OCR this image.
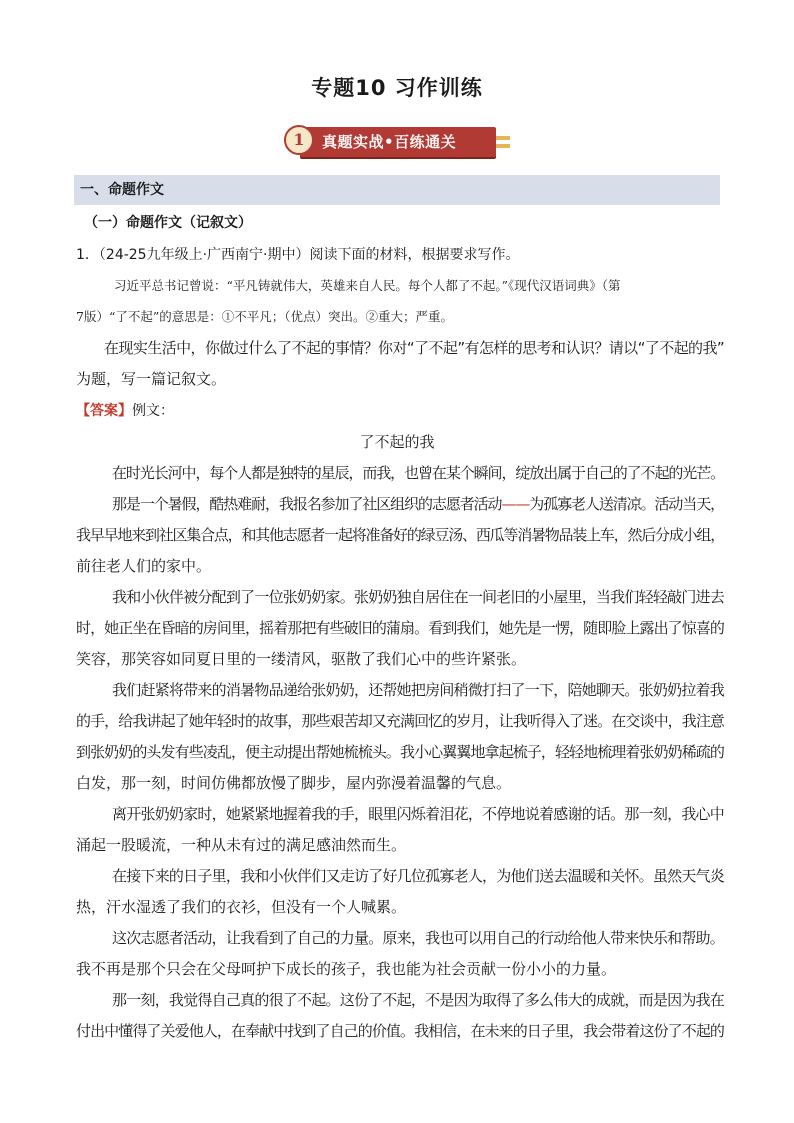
专题10 习作训练
1	真题实战•百练通关
一、命题作文
（一）命题作文（记叙文）
1．（24-25九年级上·广西南宁·期中）阅读下面的材料，根据要求写作。
习近平总书记曾说：“平凡铸就伟大，英雄来自人民。每个人都了不起。”《现代汉语词典》（第
7版）“了不起”的意思是：①不平凡；（优点）突出。②重大；严重。
在现实生活中，你做过什么了不起的事情？你对“了不起”有怎样的思考和认识？请以“了不起的我”
为题，写一篇记叙文。
【答案】例文：
了不起的我
在时光长河中，每个人都是独特的星辰，而我，也曾在某个瞬间，绽放出属于自己的了不起的光芒。
那是一个暑假，酷热难耐，我报名参加了社区组织的志愿者活动——为孤寡老人送清凉。活动当天，
我早早地来到社区集合点，和其他志愿者一起将准备好的绿豆汤、西瓜等消暑物品装上车，然后分成小组，
前往老人们的家中。
我和小伙伴被分配到了一位张奶奶家。张奶奶独自居住在一间老旧的小屋里，当我们轻轻敲门进去
时，她正坐在昏暗的房间里，摇着那把有些破旧的蒲扇。看到我们，她先是一愣，随即脸上露出了惊喜的
笑容，那笑容如同夏日里的一缕清风，驱散了我们心中的些许紧张。
我们赶紧将带来的消暑物品递给张奶奶，还帮她把房间稍微打扫了一下，陪她聊天。张奶奶拉着我
的手，给我讲起了她年轻时的故事，那些艰苦却又充满回忆的岁月，让我听得入了迷。在交谈中，我注意
到张奶奶的头发有些凌乱，便主动提出帮她梳梳头。我小心翼翼地拿起梳子，轻轻地梳理着张奶奶稀疏的
白发，那一刻，时间仿佛都放慢了脚步，屋内弥漫着温馨的气息。
离开张奶奶家时，她紧紧地握着我的手，眼里闪烁着泪花，不停地说着感谢的话。那一刻，我心中
涌起一股暖流，一种从未有过的满足感油然而生。
在接下来的日子里，我和小伙伴们又走访了好几位孤寡老人，为他们送去温暖和关怀。虽然天气炎
热，汗水湿透了我们的衣衫，但没有一个人喊累。
这次志愿者活动，让我看到了自己的力量。原来，我也可以用自己的行动给他人带来快乐和帮助。
我不再是那个只会在父母呵护下成长的孩子，我也能为社会贡献一份小小的力量。
那一刻，我觉得自己真的很了不起。这份了不起，不是因为取得了多么伟大的成就，而是因为我在
付出中懂得了关爱他人，在奉献中找到了自己的价值。我相信，在未来的日子里，我会带着这份了不起的
